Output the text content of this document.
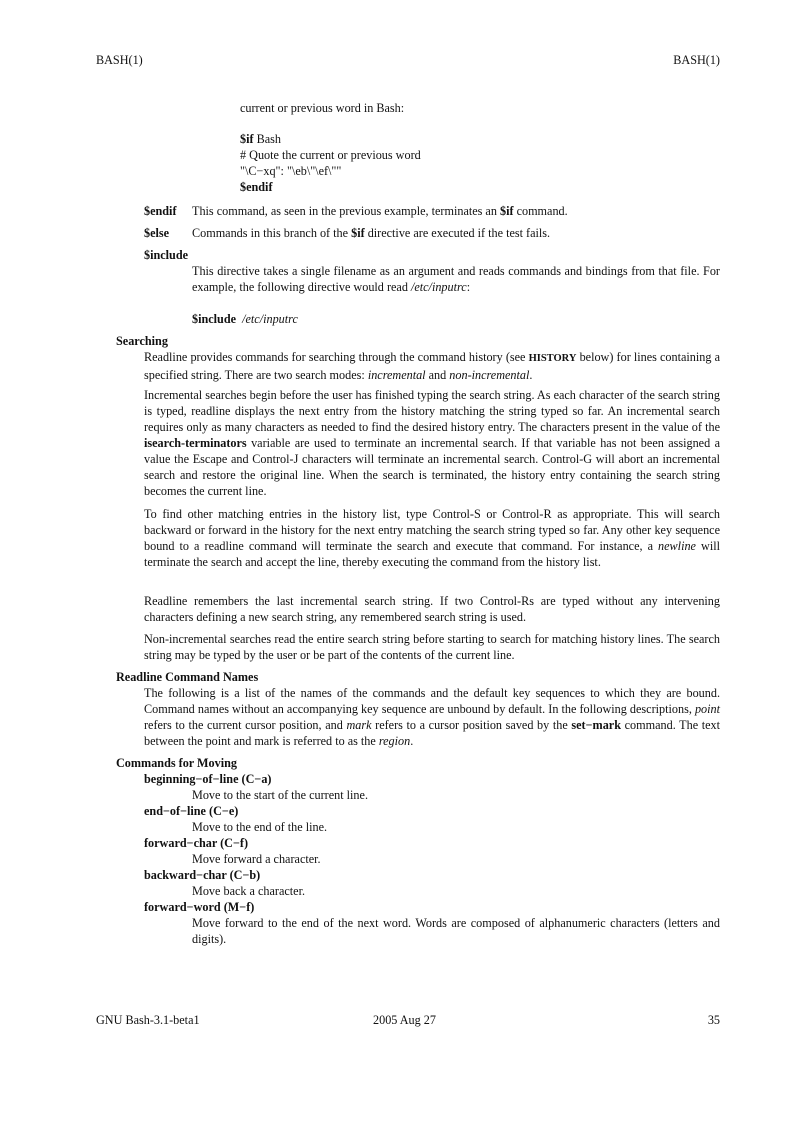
BASH(1)	BASH(1)
current or previous word in Bash:
$if Bash
# Quote the current or previous word
"\C−xq": "\eb\"\ef\""
$endif
$endif This command, as seen in the previous example, terminates an $if command.
$else Commands in this branch of the $if directive are executed if the test fails.
$include

This directive takes a single filename as an argument and reads commands and bindings from that file. For example, the following directive would read /etc/inputrc:

$include /etc/inputrc
Searching

Readline provides commands for searching through the command history (see HISTORY below) for lines containing a specified string. There are two search modes: incremental and non-incremental.

Incremental searches begin before the user has finished typing the search string. As each character of the search string is typed, readline displays the next entry from the history matching the string typed so far. An incremental search requires only as many characters as needed to find the desired history entry. The characters present in the value of the isearch-terminators variable are used to terminate an incremental search. If that variable has not been assigned a value the Escape and Control-J characters will terminate an incremental search. Control-G will abort an incremental search and restore the original line. When the search is terminated, the history entry containing the search string becomes the current line.

To find other matching entries in the history list, type Control-S or Control-R as appropriate. This will search backward or forward in the history for the next entry matching the search string typed so far. Any other key sequence bound to a readline command will terminate the search and execute that command. For instance, a newline will terminate the search and accept the line, thereby executing the command from the history list.

Readline remembers the last incremental search string. If two Control-Rs are typed without any intervening characters defining a new search string, any remembered search string is used.

Non-incremental searches read the entire search string before starting to search for matching history lines. The search string may be typed by the user or be part of the contents of the current line.

Readline Command Names

The following is a list of the names of the commands and the default key sequences to which they are bound. Command names without an accompanying key sequence are unbound by default. In the following descriptions, point refers to the current cursor position, and mark refers to a cursor position saved by the set−mark command. The text between the point and mark is referred to as the region.

Commands for Moving
beginning−of−line (C−a)
Move to the start of the current line.
end−of−line (C−e)
Move to the end of the line.
forward−char (C−f)
Move forward a character.
backward−char (C−b)
Move back a character.
forward−word (M−f)

Move forward to the end of the next word. Words are composed of alphanumeric characters (letters and digits).

GNU Bash-3.1-beta1	2005 Aug 27	35
